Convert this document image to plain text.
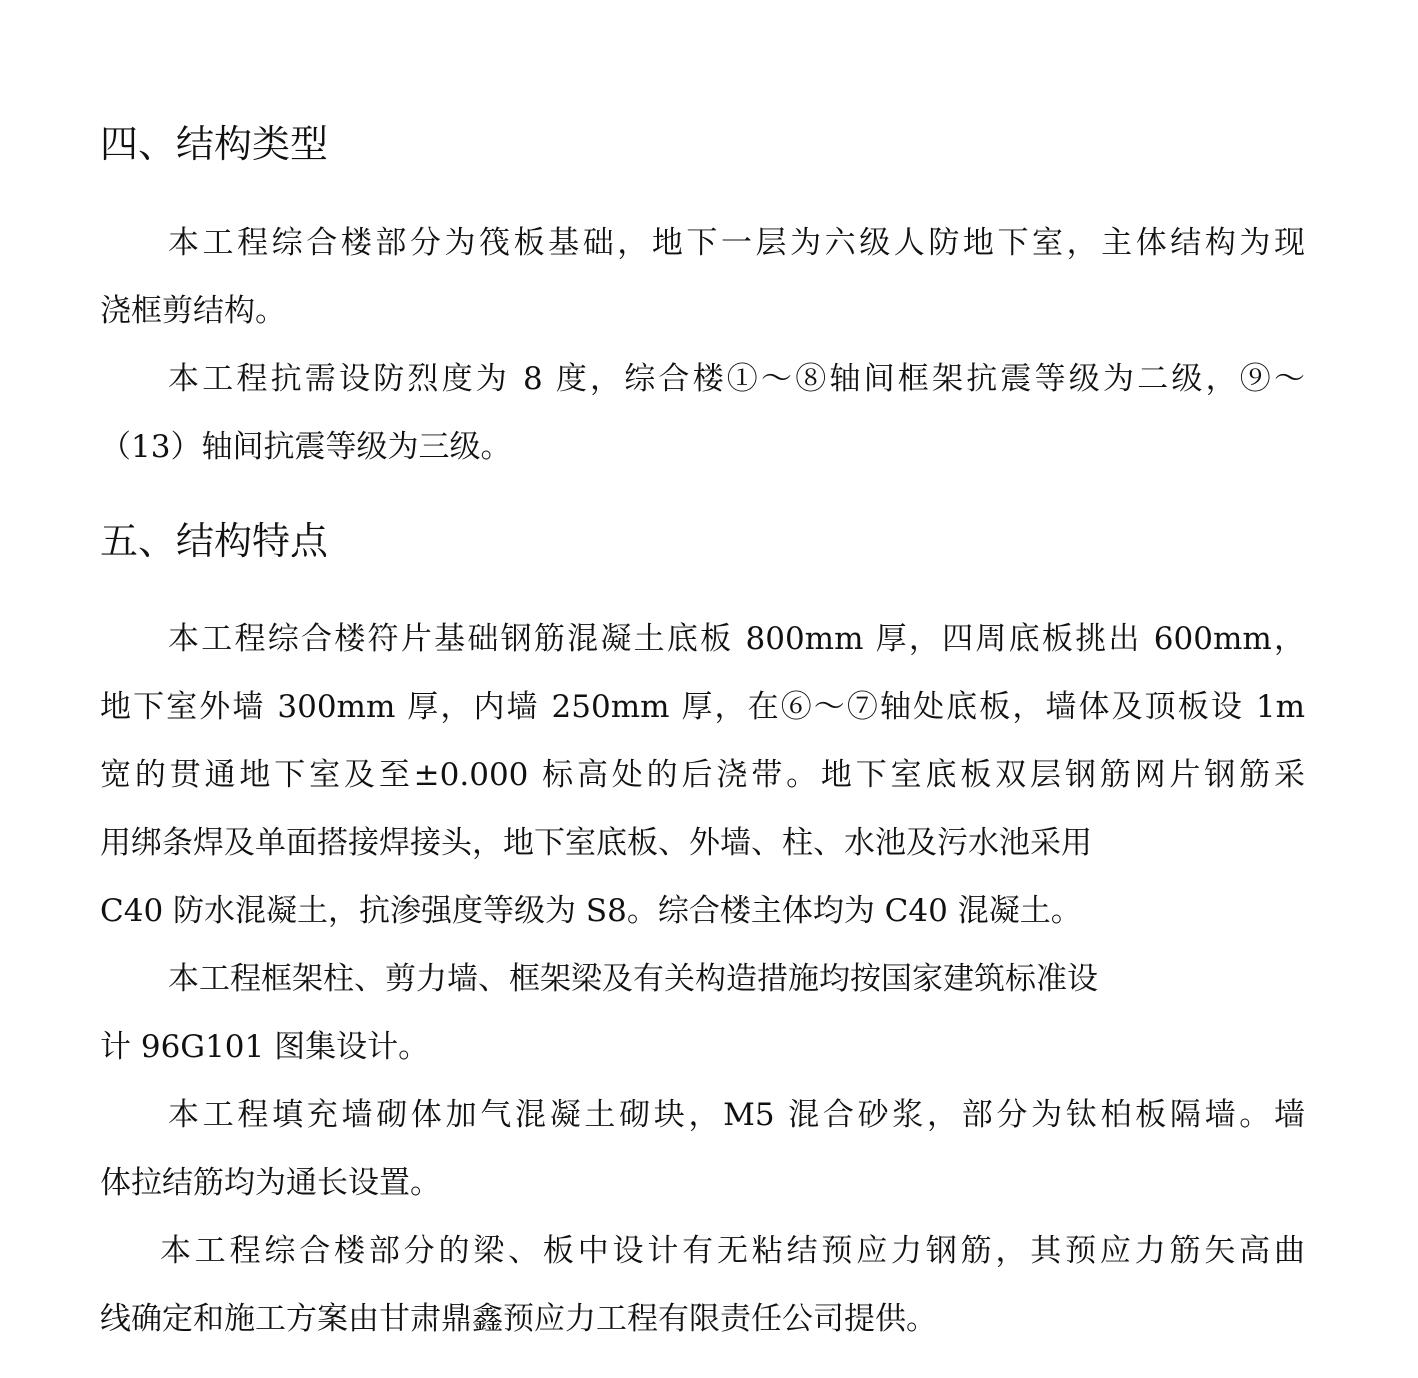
四、结构类型
本工程综合楼部分为筏板基础，地下一层为六级人防地下室，主体结构为现
浇框剪结构。
本工程抗需设防烈度为 8 度，综合楼①～⑧轴间框架抗震等级为二级，⑨～
（13）轴间抗震等级为三级。
五、结构特点
本工程综合楼符片基础钢筋混凝土底板 800mm 厚，四周底板挑出 600mm，
地下室外墙 300mm 厚，内墙 250mm 厚，在⑥～⑦轴处底板，墙体及顶板设 1m
宽的贯通地下室及至±0.000 标高处的后浇带。地下室底板双层钢筋网片钢筋采
用绑条焊及单面搭接焊接头，地下室底板、外墙、柱、水池及污水池采用
C40 防水混凝土，抗渗强度等级为 S8。综合楼主体均为 C40 混凝土。
本工程框架柱、剪力墙、框架梁及有关构造措施均按国家建筑标准设
计 96G101 图集设计。
本工程填充墙砌体加气混凝土砌块，M5 混合砂浆，部分为钛柏板隔墙。墙
体拉结筋均为通长设置。
本工程综合楼部分的梁、板中设计有无粘结预应力钢筋，其预应力筋矢高曲
线确定和施工方案由甘肃鼎鑫预应力工程有限责任公司提供。
